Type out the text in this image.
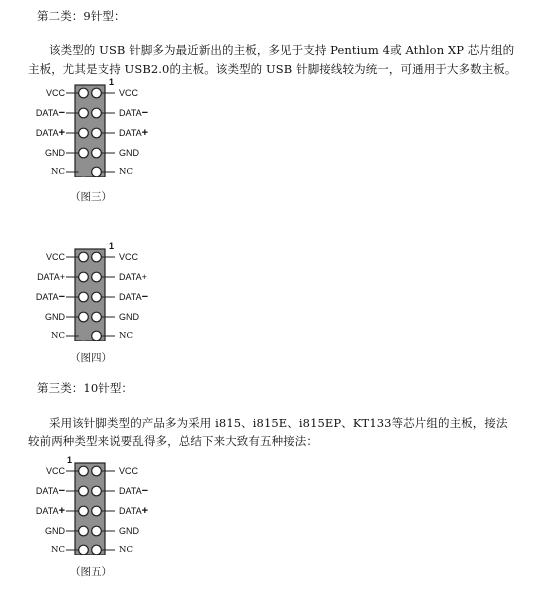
第二类：9针型：
该类型的 USB 针脚多为最近新出的主板，多见于支持 Pentium 4或 Athlon XP 芯片组的
主板，尤其是支持 USB2.0的主板。该类型的 USB 针脚接线较为统一，可通用于大多数主板。
1
VCC	VCC
DATA−	DATA−
DATA+	DATA+
GND	GND
NC	NC
（图三）
1
VCC	VCC
DATA+	DATA+
DATA−	DATA−
GND	GND
NC	NC
（图四）
第三类：10针型：
采用该针脚类型的产品多为采用 i815、i815E、i815EP、KT133等芯片组的主板，接法
较前两种类型来说要乱得多，总结下来大致有五种接法：
1
VCC	VCC
DATA−	DATA−
DATA+	DATA+
GND	GND
NC	NC
（图五）
